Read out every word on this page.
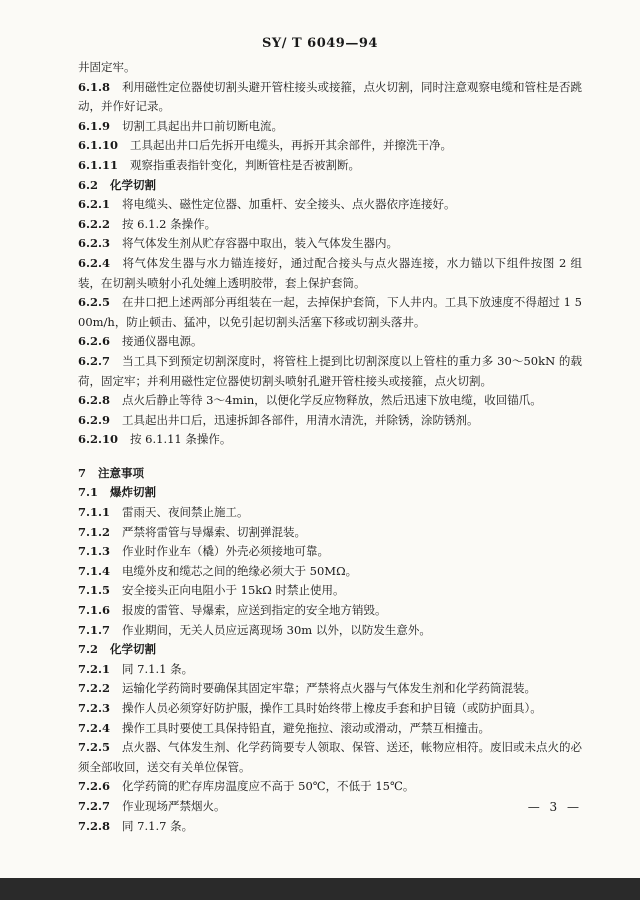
SY/ T 6049—94

井固定牢。

6.1.8 利用磁性定位器使切割头避开管柱接头或接箍，点火切割，同时注意观察电缆和管柱是否跳动，并作好记录。

6.1.9 切割工具起出井口前切断电流。

6.1.10 工具起出井口后先拆开电缆头，再拆开其余部件，并擦洗干净。

6.1.11 观察指重表指针变化，判断管柱是否被割断。

6.2 化学切割

6.2.1 将电缆头、磁性定位器、加重杆、安全接头、点火器依序连接好。

6.2.2 按 6.1.2 条操作。

6.2.3 将气体发生剂从贮存容器中取出，装入气体发生器内。

6.2.4 将气体发生器与水力锚连接好，通过配合接头与点火器连接，水力锚以下组件按图 2 组装，在切割头喷射小孔处缠上透明胶带，套上保护套筒。

6.2.5 在井口把上述两部分再组装在一起，去掉保护套筒，下人井内。工具下放速度不得超过 1 500m/h，防止顿击、猛冲，以免引起切割头活塞下移或切割头落井。

6.2.6 接通仪器电源。

6.2.7 当工具下到预定切割深度时，将管柱上提到比切割深度以上管柱的重力多 30～50kN 的载荷，固定牢；并利用磁性定位器使切割头喷射孔避开管柱接头或接箍，点火切割。

6.2.8 点火后静止等待 3～4min，以便化学反应物释放，然后迅速下放电缆，收回锚爪。

6.2.9 工具起出井口后，迅速拆卸各部件，用清水清洗，并除锈，涂防锈剂。

6.2.10 按 6.1.11 条操作。

7 注意事项

7.1 爆炸切割

7.1.1 雷雨天、夜间禁止施工。

7.1.2 严禁将雷管与导爆索、切割弹混装。

7.1.3 作业时作业车（橇）外壳必须接地可靠。

7.1.4 电缆外皮和缆芯之间的绝缘必须大于 50MΩ。

7.1.5 安全接头正向电阻小于 15kΩ 时禁止使用。

7.1.6 报废的雷管、导爆索，应送到指定的安全地方销毁。

7.1.7 作业期间，无关人员应远离现场 30m 以外，以防发生意外。

7.2 化学切割

7.2.1 同 7.1.1 条。

7.2.2 运输化学药筒时要确保其固定牢靠；严禁将点火器与气体发生剂和化学药筒混装。

7.2.3 操作人员必须穿好防护服，操作工具时始终带上橡皮手套和护目镜（或防护面具）。

7.2.4 操作工具时要使工具保持铅直，避免拖拉、滚动或滑动，严禁互相撞击。

7.2.5 点火器、气体发生剂、化学药筒要专人领取、保管、送还，帐物应相符。废旧或未点火的必须全部收回，送交有关单位保管。

7.2.6 化学药筒的贮存库房温度应不高于 50℃，不低于 15℃。

7.2.7 作业现场严禁烟火。

7.2.8 同 7.1.7 条。

— 3 —
